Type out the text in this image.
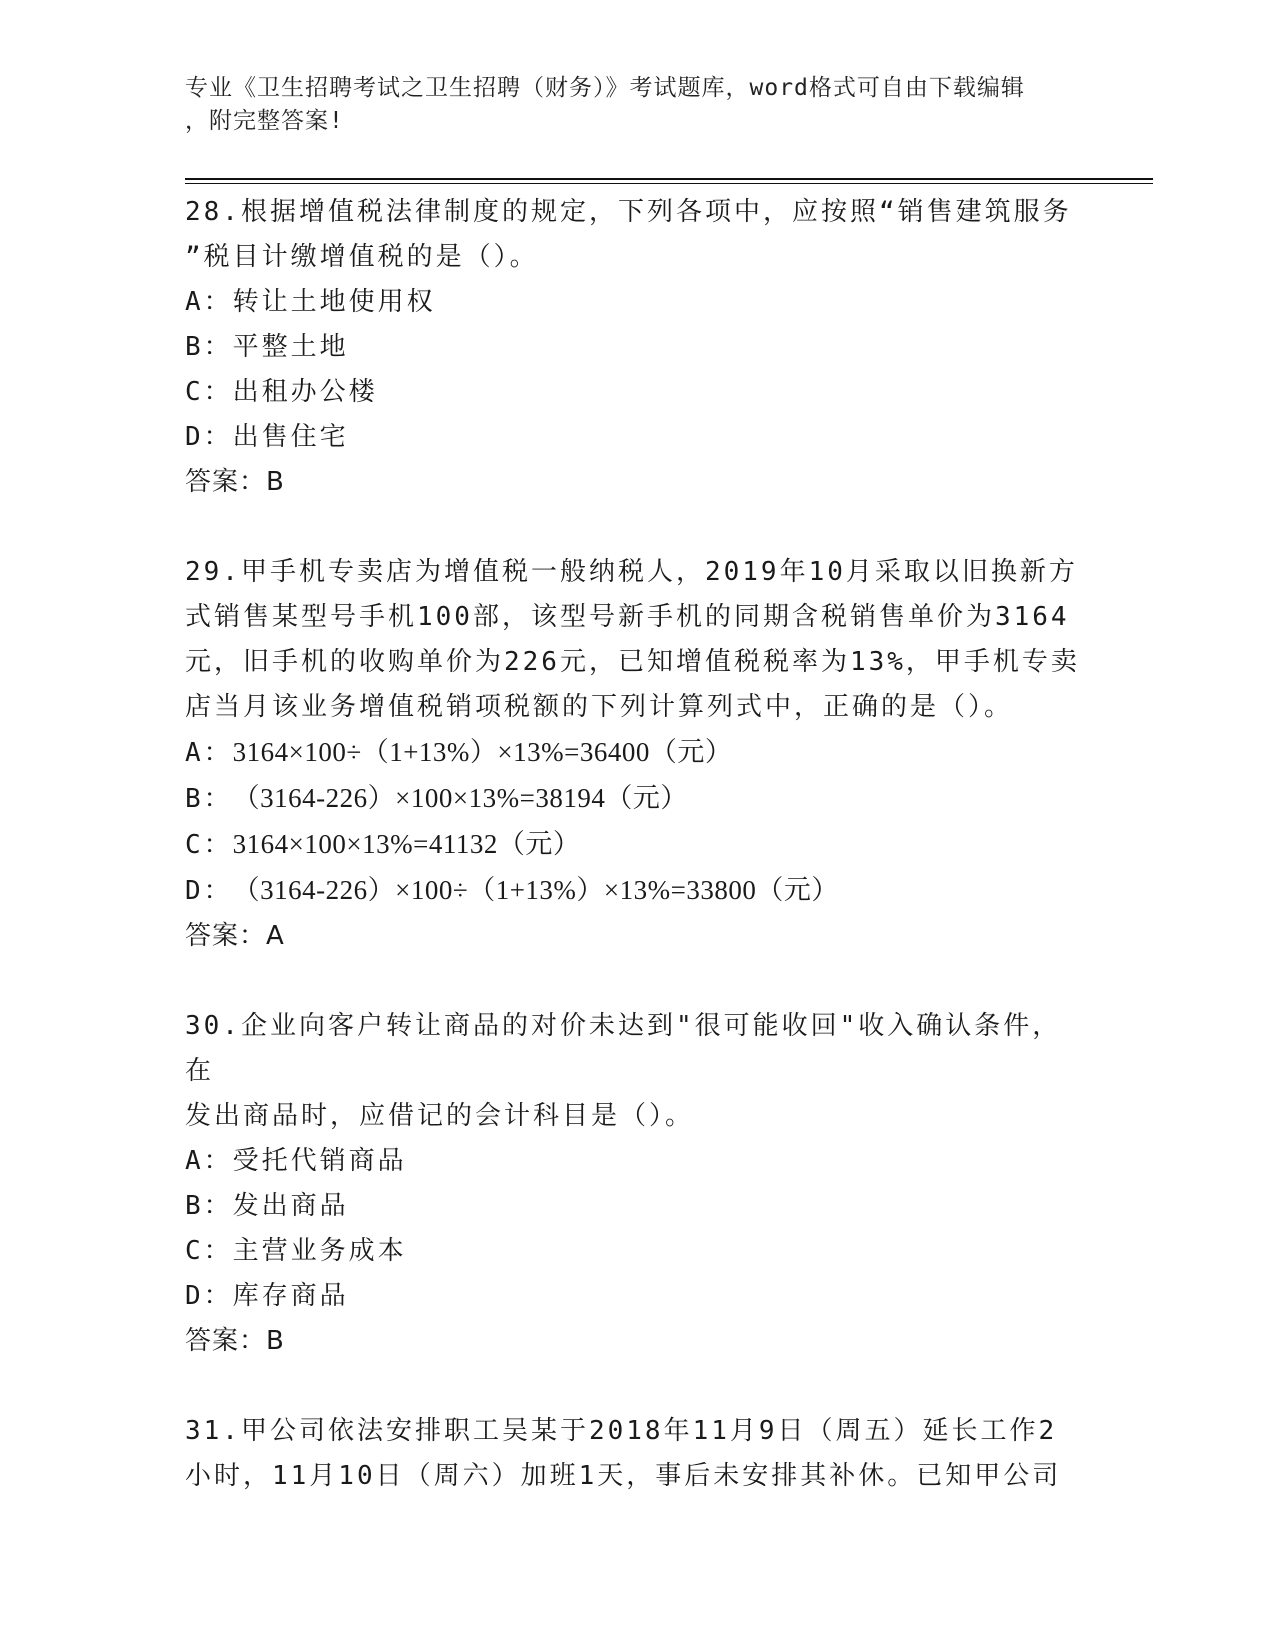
专业《卫生招聘考试之卫生招聘（财务）》考试题库，word格式可自由下载编辑
，附完整答案!

28.根据增值税法律制度的规定，下列各项中，应按照“销售建筑服务

”税目计缴增值税的是（）。

A：转让土地使用权

B：平整土地

C：出租办公楼

D：出售住宅

答案：B

29.甲手机专卖店为增值税一般纳税人，2019年10月采取以旧换新方

式销售某型号手机100部，该型号新手机的同期含税销售单价为3164

元，旧手机的收购单价为226元，已知增值税税率为13%，甲手机专卖

店当月该业务增值税销项税额的下列计算列式中，正确的是（）。

A：3164×100÷（1+13%）×13%=36400（元）

B：（3164-226）×100×13%=38194（元）

C：3164×100×13%=41132（元）

D：（3164-226）×100÷（1+13%）×13%=33800（元）

答案：A

30.企业向客户转让商品的对价未达到"很可能收回"收入确认条件，在

发出商品时，应借记的会计科目是（）。

A：受托代销商品

B：发出商品

C：主营业务成本

D：库存商品

答案：B

31.甲公司依法安排职工吴某于2018年11月9日（周五）延长工作2

小时，11月10日（周六）加班1天，事后未安排其补休。已知甲公司
